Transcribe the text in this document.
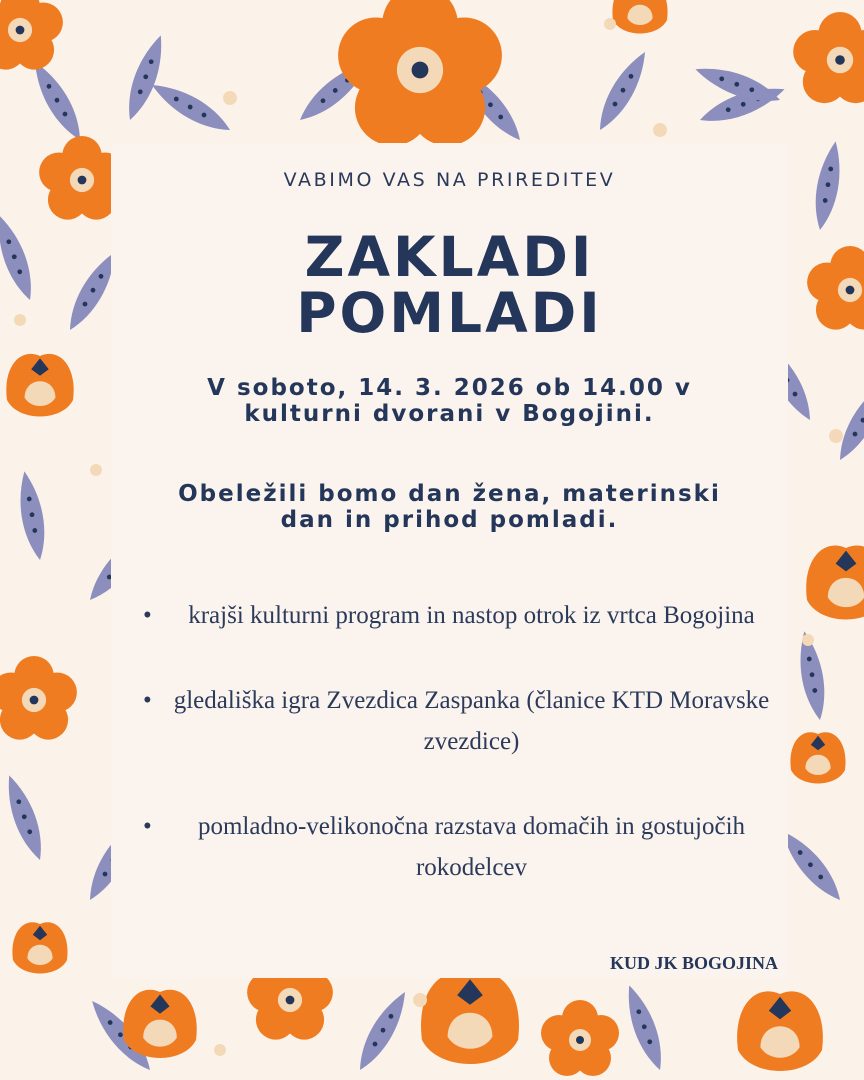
VABIMO VAS NA PRIREDITEV
ZAKLADI
POMLADI
V soboto, 14. 3. 2026 ob 14.00 v kulturni dvorani v Bogojini.
Obeležili bomo dan žena, materinski dan in prihod pomladi.
• krajši kulturni program in nastop otrok iz vrtca Bogojina
• gledališka igra Zvezdica Zaspanka (članice KTD Moravske zvezdice)
• pomladno-velikonočna razstava domačih in gostujočih rokodelcev
KUD JK BOGOJINA
